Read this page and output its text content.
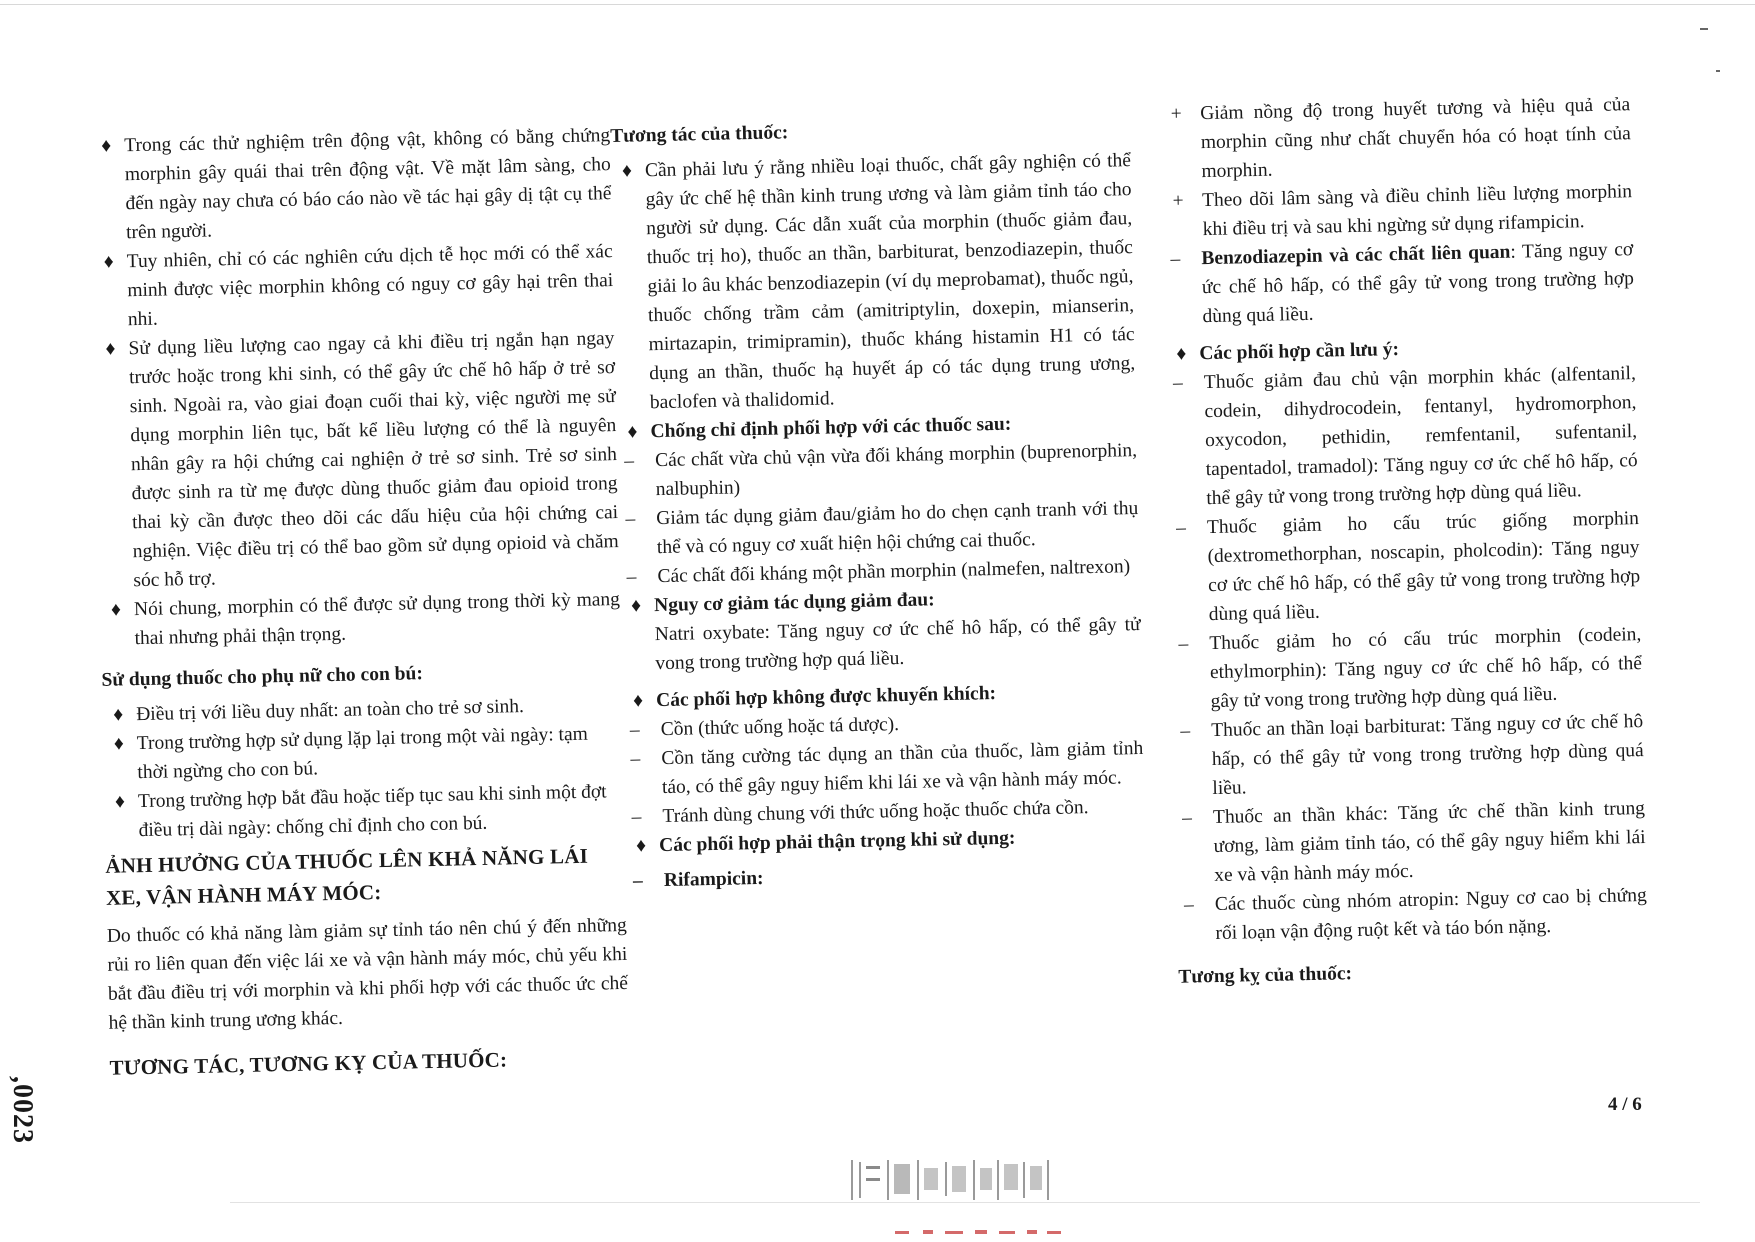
♦ Trong các thử nghiệm trên động vật, không có bằng chứng morphin gây quái thai trên động vật. Về mặt lâm sàng, cho đến ngày nay chưa có báo cáo nào về tác hại gây dị tật cụ thể trên người.
♦ Tuy nhiên, chỉ có các nghiên cứu dịch tễ học mới có thể xác minh được việc morphin không có nguy cơ gây hại trên thai nhi.
♦ Sử dụng liều lượng cao ngay cả khi điều trị ngắn hạn ngay trước hoặc trong khi sinh, có thể gây ức chế hô hấp ở trẻ sơ sinh. Ngoài ra, vào giai đoạn cuối thai kỳ, việc người mẹ sử dụng morphin liên tục, bất kể liều lượng có thể là nguyên nhân gây ra hội chứng cai nghiện ở trẻ sơ sinh. Trẻ sơ sinh được sinh ra từ mẹ được dùng thuốc giảm đau opioid trong thai kỳ cần được theo dõi các dấu hiệu của hội chứng cai nghiện. Việc điều trị có thể bao gồm sử dụng opioid và chăm sóc hỗ trợ.
♦ Nói chung, morphin có thể được sử dụng trong thời kỳ mang thai nhưng phải thận trọng.
Sử dụng thuốc cho phụ nữ cho con bú:
♦ Điều trị với liều duy nhất: an toàn cho trẻ sơ sinh.
♦ Trong trường hợp sử dụng lặp lại trong một vài ngày: tạm thời ngừng cho con bú.
♦ Trong trường hợp bắt đầu hoặc tiếp tục sau khi sinh một đợt điều trị dài ngày: chống chỉ định cho con bú.
ẢNH HƯỞNG CỦA THUỐC LÊN KHẢ NĂNG LÁI XE, VẬN HÀNH MÁY MÓC:
Do thuốc có khả năng làm giảm sự tỉnh táo nên chú ý đến những rủi ro liên quan đến việc lái xe và vận hành máy móc, chủ yếu khi bắt đầu điều trị với morphin và khi phối hợp với các thuốc ức chế hệ thần kinh trung ương khác.
TƯƠNG TÁC, TƯƠNG KỴ CỦA THUỐC:
Tương tác của thuốc:
♦ Cần phải lưu ý rằng nhiều loại thuốc, chất gây nghiện có thể gây ức chế hệ thần kinh trung ương và làm giảm tỉnh táo cho người sử dụng. Các dẫn xuất của morphin (thuốc giảm đau, thuốc trị ho), thuốc an thần, barbiturat, benzodiazepin, thuốc giải lo âu khác benzodiazepin (ví dụ meprobamat), thuốc ngủ, thuốc chống trầm cảm (amitriptylin, doxepin, mianserin, mirtazapin, trimipramin), thuốc kháng histamin H1 có tác dụng an thần, thuốc hạ huyết áp có tác dụng trung ương, baclofen và thalidomid.
♦ Chống chỉ định phối hợp với các thuốc sau:
–	Các chất vừa chủ vận vừa đối kháng morphin (buprenorphin, nalbuphin)
–	Giảm tác dụng giảm đau/giảm ho do chẹn cạnh tranh với thụ thể và có nguy cơ xuất hiện hội chứng cai thuốc.
–	Các chất đối kháng một phần morphin (nalmefen, naltrexon)
♦ Nguy cơ giảm tác dụng giảm đau:
Natri oxybate: Tăng nguy cơ ức chế hô hấp, có thể gây tử vong trong trường hợp quá liều.
♦ Các phối hợp không được khuyến khích:
–	Cồn (thức uống hoặc tá dược).
–	Cồn tăng cường tác dụng an thần của thuốc, làm giảm tỉnh táo, có thể gây nguy hiểm khi lái xe và vận hành máy móc.
–	Tránh dùng chung với thức uống hoặc thuốc chứa cồn.
♦ Các phối hợp phải thận trọng khi sử dụng:
–	Rifampicin:
+ Giảm nồng độ trong huyết tương và hiệu quả của morphin cũng như chất chuyển hóa có hoạt tính của morphin.
+ Theo dõi lâm sàng và điều chỉnh liều lượng morphin khi điều trị và sau khi ngừng sử dụng rifampicin.
–	Benzodiazepin và các chất liên quan: Tăng nguy cơ ức chế hô hấp, có thể gây tử vong trong trường hợp dùng quá liều.
♦ Các phối hợp cần lưu ý:
–	Thuốc giảm đau chủ vận morphin khác (alfentanil, codein, dihydrocodein, fentanyl, hydromorphon, oxycodon, pethidin, remfentanil, sufentanil, tapentadol, tramadol): Tăng nguy cơ ức chế hô hấp, có thể gây tử vong trong trường hợp dùng quá liều.
–	Thuốc giảm ho cấu trúc giống morphin (dextromethorphan, noscapin, pholcodin): Tăng nguy cơ ức chế hô hấp, có thể gây tử vong trong trường hợp dùng quá liều.
–	Thuốc giảm ho có cấu trúc morphin (codein, ethylmorphin): Tăng nguy cơ ức chế hô hấp, có thể gây tử vong trong trường hợp dùng quá liều.
–	Thuốc an thần loại barbiturat: Tăng nguy cơ ức chế hô hấp, có thể gây tử vong trong trường hợp dùng quá liều.
–	Thuốc an thần khác: Tăng ức chế thần kinh trung ương, làm giảm tỉnh táo, có thể gây nguy hiểm khi lái xe và vận hành máy móc.
–	Các thuốc cùng nhóm atropin: Nguy cơ cao bị chứng rối loạn vận động ruột kết và táo bón nặng.
Tương kỵ của thuốc:
4 / 6
,0023
